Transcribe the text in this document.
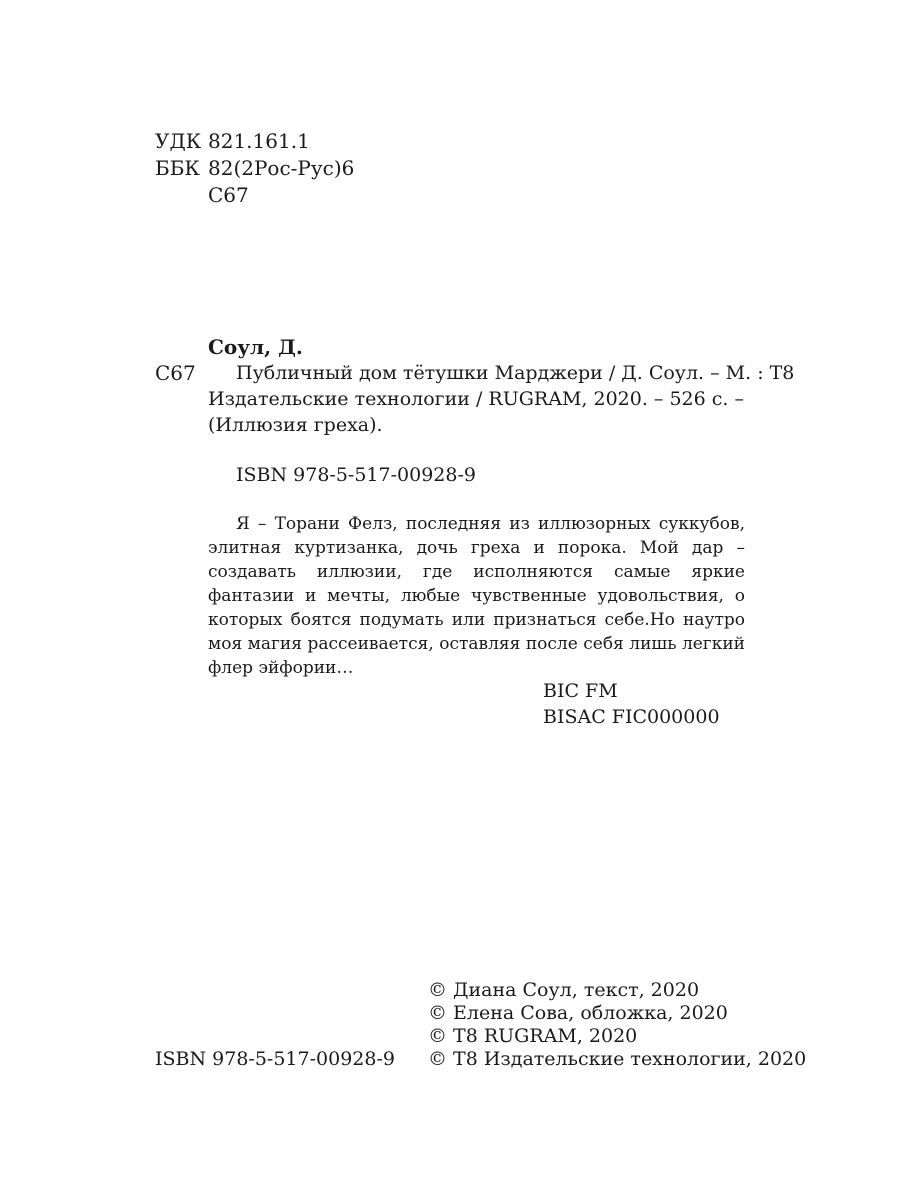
УДК 821.161.1
ББК 82(2Рос-Рус)6
С67
Соул, Д.
С67 Публичный дом тётушки Марджери / Д. Соул. – М. : Т8
Издательские технологии / RUGRAM, 2020. – 526 с. –
(Иллюзия греха).
ISBN 978-5-517-00928-9
Я – Торани Фелз, последняя из иллюзорных суккубов, элитная куртизанка, дочь греха и порока. Мой дар – создавать иллюзии, где исполняются самые яркие фантазии и мечты, любые чувственные удовольствия, о которых боятся подумать или признаться себе.Но наутро моя магия рассеивается, оставляя после себя лишь легкий флер эйфории…
BIC FM
BISAC FIC000000
ISBN 978-5-517-00928-9
© Диана Соул, текст, 2020
© Елена Сова, обложка, 2020
© Т8 RUGRAM, 2020
© Т8 Издательские технологии, 2020
